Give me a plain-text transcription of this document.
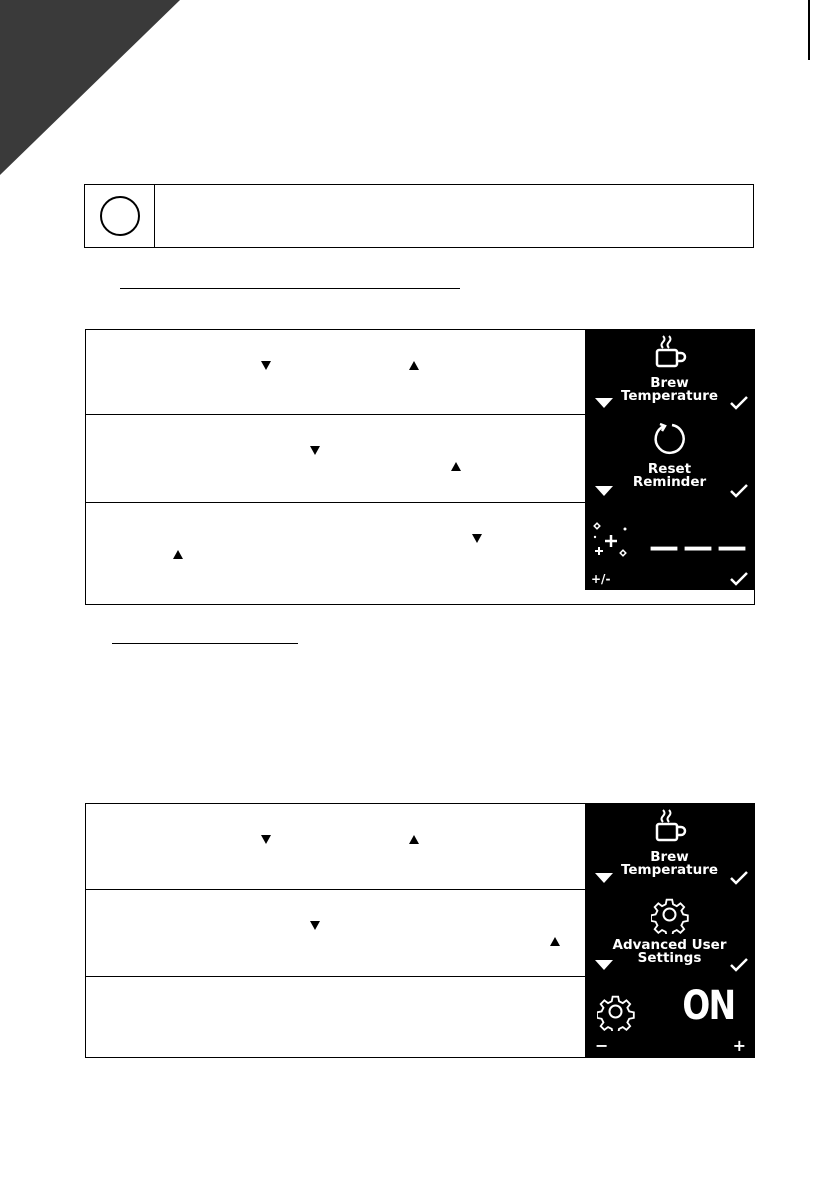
Brew
Temperature
Reset
Reminder
———
+/-
Brew
Temperature
Advanced User
Settings
ON
−	+
